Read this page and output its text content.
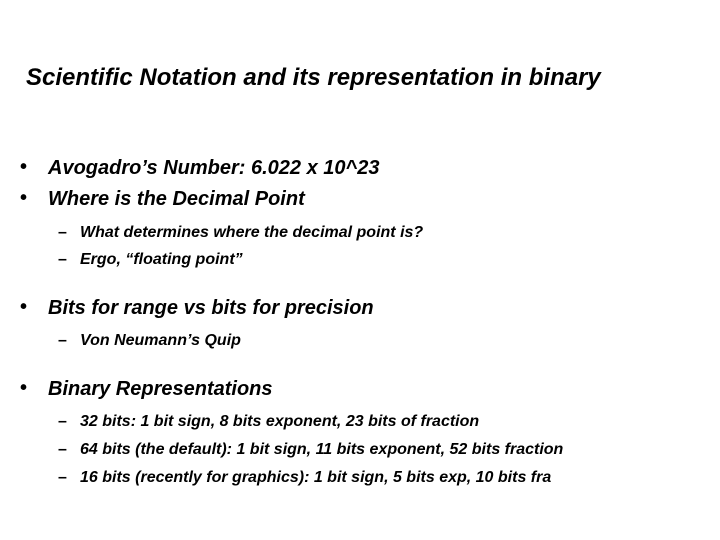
Scientific Notation and its representation in binary
• Avogadro’s Number: 6.022 x 10^23
• Where is the Decimal Point
– What determines where the decimal point is?
– Ergo, “floating point”
• Bits for range vs bits for precision
– Von Neumann’s Quip
• Binary Representations
– 32 bits: 1 bit sign, 8 bits exponent, 23 bits of fraction
– 64 bits (the default): 1 bit sign, 11 bits exponent, 52 bits fraction
– 16 bits (recently for graphics): 1 bit sign, 5 bits exp, 10 bits fra
